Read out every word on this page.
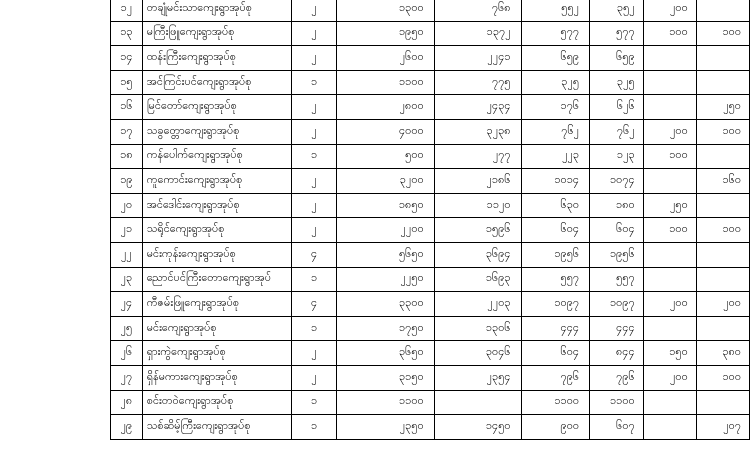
၁၂	တချုံမင်းသာကျေးရွာအုပ်စု	၂	၁၃၀၀	၇၆၈	၅၅၂	၃၅၂	၂၀၀	
၁၃	မကြီးဖြူကျေးရွာအုပ်စု	၂	၁၉၅၀	၁၃၇၂	၅၇၇	၅၇၇	၁၀၀	၁၀၀
၁၄	ထန်းကြီးကျေးရွာအုပ်စု	၂	၂၆၀၀	၂၂၄၁	၆၅၉	၆၅၉		
၁၅	အင်ကြင်းပင်ကျေးရွာအုပ်စု	၁	၁၁၀၀	၇၇၅	၃၂၅	၃၂၅		
၁၆	မြင်တော်ကျေးရွာအုပ်စု	၂	၂၈၀၀	၂၄၃၄	၁၇၆	၆၂၆		၂၅၀
၁၇	သခွတ္တောကျေးရွာအုပ်စု	၂	၄၀၀၀	၃၂၃၈	၇၆၂	၇၆၂	၂၀၀	၁၀၀
၁၈	ကန်ပေါက်ကျေးရွာအုပ်စု	၁	၅၀၀	၂၇၇	၂၂၃	၁၂၃	၁၀၀	
၁၉	ကူကောင်းကျေးရွာအုပ်စု	၂	၃၂၀၀	၂၁၈၆	၁၀၁၄	၁၀၇၄		၁၆၀
၂၀	အင်ဒေါင်းကျေးရွာအုပ်စု	၂	၁၈၅၀	၁၁၂၀	၆၃၀	၁၈၀	၂၅၀	
၂၁	သရိုင်ကျေးရွာအုပ်စု	၂	၂၂၀၀	၁၅၉၆	၆၀၄	၆၀၄	၁၀၀	၁၀၀
၂၂	မင်းကုန်းကျေးရွာအုပ်စု	၄	၅၆၅၀	၃၆၉၄	၁၉၅၆	၁၉၅၆		
၂၃	ညောင်ပင်ကြီးတောကျေးရွာအုပ်	၁	၂၂၅၀	၁၆၉၃	၅၅၇	၅၅၇		
၂၄	ကီဇမ်းဖြူကျေးရွာအုပ်စု	၄	၃၃၀၀	၂၂၀၃	၁၀၉၇	၁၀၉၇	၂၀၀	၂၀၀
၂၅	မင်းကျေးရွာအုပ်စု	၁	၁၇၅၀	၁၃၀၆	၄၄၄	၄၄၄		
၂၆	ရှားကွဲကျေးရွာအုပ်စု	၂	၃၆၅၀	၃၀၄၆	၆၀၄	၈၄၄	၁၅၀	၃၈၀
၂၇	ရှိန်မကားကျေးရွာအုပ်စု	၂	၃၁၅၀	၂၃၅၄	၇၉၆	၇၉၆	၂၀၀	၁၀၀
၂၈	စင်းတဝဲကျေးရွာအုပ်စု	၁	၁၁၀၀		၁၁၀၀	၁၁၀၀		
၂၉	သစ်ဆိမ့်ကြီးကျေးရွာအုပ်စု	၁	၂၃၅၀	၁၄၅၀	၉၀၀	၆၀၇		၂၀၇
